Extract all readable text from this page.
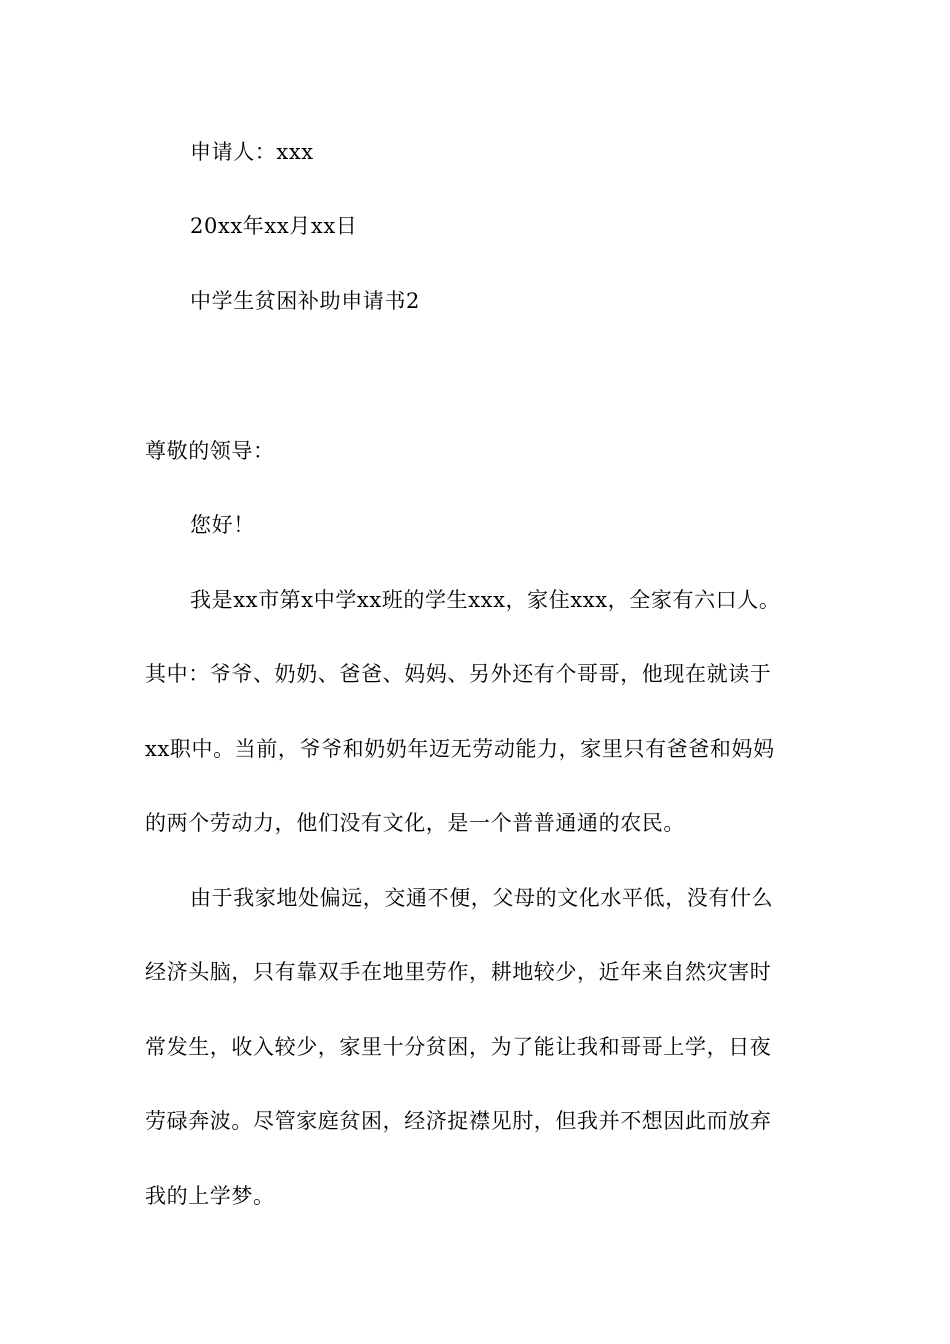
申请人：xxx
20xx年xx月xx日
中学生贫困补助申请书2
尊敬的领导：
您好！
我是xx市第x中学xx班的学生xxx，家住xxx，全家有六口人。
其中：爷爷、奶奶、爸爸、妈妈、另外还有个哥哥，他现在就读于
xx职中。当前，爷爷和奶奶年迈无劳动能力，家里只有爸爸和妈妈
的两个劳动力，他们没有文化，是一个普普通通的农民。
由于我家地处偏远，交通不便，父母的文化水平低，没有什么
经济头脑，只有靠双手在地里劳作，耕地较少，近年来自然灾害时
常发生，收入较少，家里十分贫困，为了能让我和哥哥上学，日夜
劳碌奔波。尽管家庭贫困，经济捉襟见肘，但我并不想因此而放弃
我的上学梦。
